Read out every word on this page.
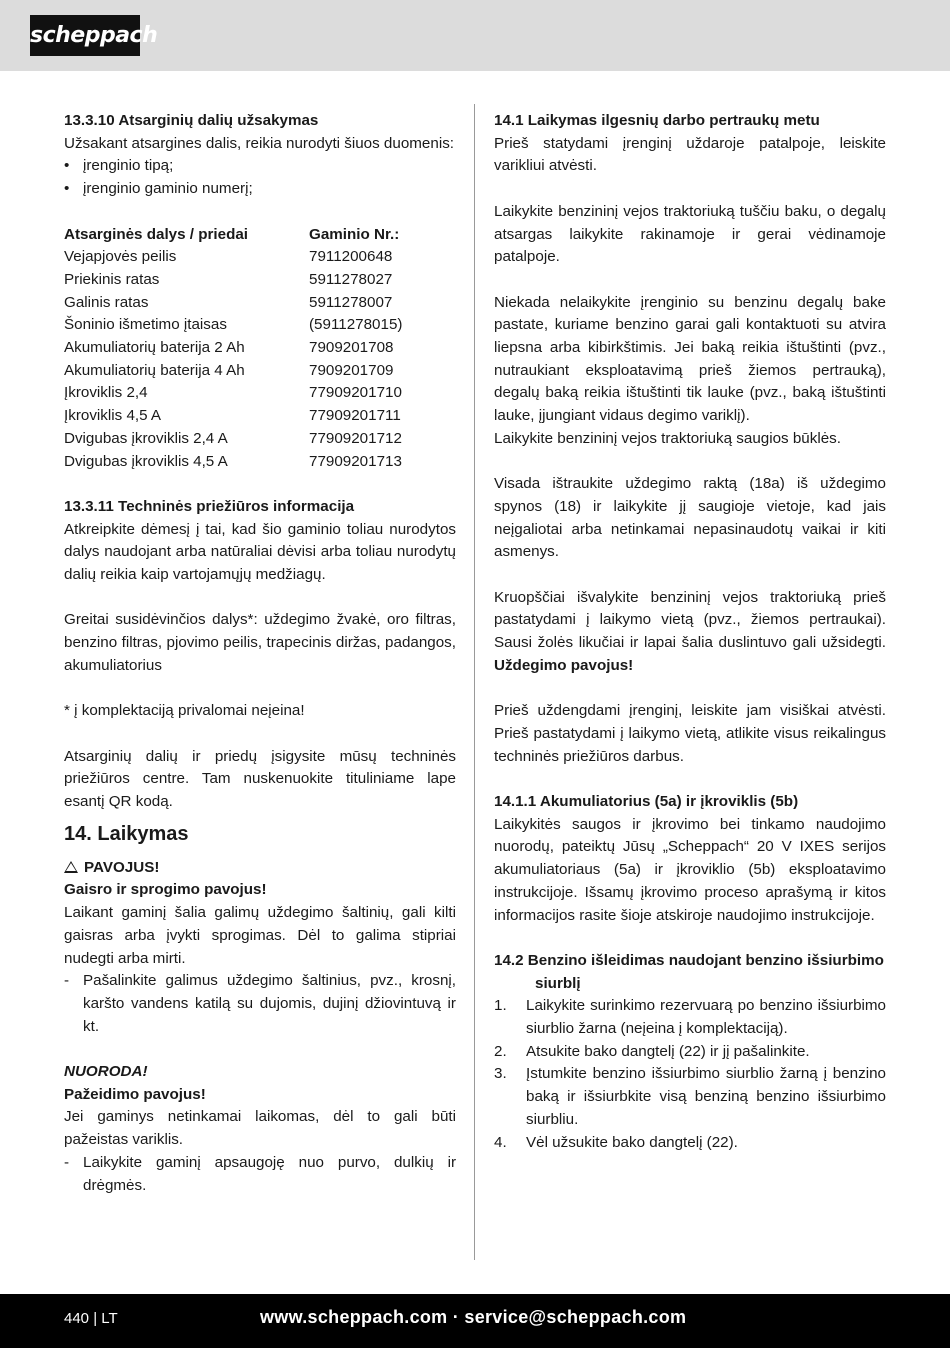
scheppach

13.3.10 Atsarginių dalių užsakymas

Užsakant atsargines dalis, reikia nurodyti šiuos duomenis:

• įrenginio tipą;
• įrenginio gaminio numerį;
Atsarginės dalys / priedai	Gaminio Nr.:
Vejapjovės peilis	7911200648
Priekinis ratas	5911278027
Galinis ratas	5911278007
Šoninio išmetimo įtaisas	(5911278015)
Akumuliatorių baterija 2 Ah	7909201708
Akumuliatorių baterija 4 Ah	7909201709
Įkroviklis 2,4	77909201710
Įkroviklis 4,5 A	77909201711
Dvigubas įkroviklis 2,4 A	77909201712
Dvigubas įkroviklis 4,5 A	77909201713

13.3.11 Techninės priežiūros informacija

Atkreipkite dėmesį į tai, kad šio gaminio toliau nurodytos dalys naudojant arba natūraliai dėvisi arba toliau nurodytų dalių reikia kaip vartojamųjų medžiagų.

Greitai susidėvinčios dalys*: uždegimo žvakė, oro filtras, benzino filtras, pjovimo peilis, trapecinis diržas, padangos, akumuliatorius

* į komplektaciją privalomai neįeina!

Atsarginių dalių ir priedų įsigysite mūsų techninės priežiūros centre. Tam nuskenuokite tituliniame lape esantį QR kodą.

14. Laikymas

PAVOJUS!

Gaisro ir sprogimo pavojus!

Laikant gaminį šalia galimų uždegimo šaltinių, gali kilti gaisras arba įvykti sprogimas. Dėl to galima stipriai nudegti arba mirti.

- Pašalinkite galimus uždegimo šaltinius, pvz., krosnį, karšto vandens katilą su dujomis, dujinį džiovintuvą ir kt.

NUORODA!

Pažeidimo pavojus!

Jei gaminys netinkamai laikomas, dėl to gali būti pažeistas variklis.

- Laikykite gaminį apsaugoję nuo purvo, dulkių ir drėgmės.

14.1 Laikymas ilgesnių darbo pertraukų metu

Prieš statydami įrenginį uždaroje patalpoje, leiskite varikliui atvėsti.

Laikykite benzininį vejos traktoriuką tuščiu baku, o degalų atsargas laikykite rakinamoje ir gerai vėdinamoje patalpoje.

Niekada nelaikykite įrenginio su benzinu degalų bake pastate, kuriame benzino garai gali kontaktuoti su atvira liepsna arba kibirkštimis. Jei baką reikia ištuštinti (pvz., nutraukiant eksploatavimą prieš žiemos pertrauką), degalų baką reikia ištuštinti tik lauke (pvz., baką ištuštinti lauke, įjungiant vidaus degimo variklį).

Laikykite benzininį vejos traktoriuką saugios būklės.

Visada ištraukite uždegimo raktą (18a) iš uždegimo spynos (18) ir laikykite jį saugioje vietoje, kad jais neįgaliotai arba netinkamai nepasinaudotų vaikai ir kiti asmenys.

Kruopščiai išvalykite benzininį vejos traktoriuką prieš pastatydami į laikymo vietą (pvz., žiemos pertraukai). Sausi žolės likučiai ir lapai šalia duslintuvo gali užsidegti. Uždegimo pavojus!

Prieš uždengdami įrenginį, leiskite jam visiškai atvėsti. Prieš pastatydami į laikymo vietą, atlikite visus reikalingus techninės priežiūros darbus.

14.1.1 Akumuliatorius (5a) ir įkroviklis (5b)

Laikykitės saugos ir įkrovimo bei tinkamo naudojimo nuorodų, pateiktų Jūsų „Scheppach“ 20 V IXES serijos akumuliatoriaus (5a) ir įkroviklio (5b) eksploatavimo instrukcijoje. Išsamų įkrovimo proceso aprašymą ir kitos informacijos rasite šioje atskiroje naudojimo instrukcijoje.

14.2 Benzino išleidimas naudojant benzino išsiurbimo siurblį

1. Laikykite surinkimo rezervuarą po benzino išsiurbimo siurblio žarna (neįeina į komplektaciją).
2. Atsukite bako dangtelį (22) ir jį pašalinkite.
3. Įstumkite benzino išsiurbimo siurblio žarną į benzino baką ir išsiurbkite visą benziną benzino išsiurbimo siurbliu.
4. Vėl užsukite bako dangtelį (22).
440 | LT	www.scheppach.com · service@scheppach.com
